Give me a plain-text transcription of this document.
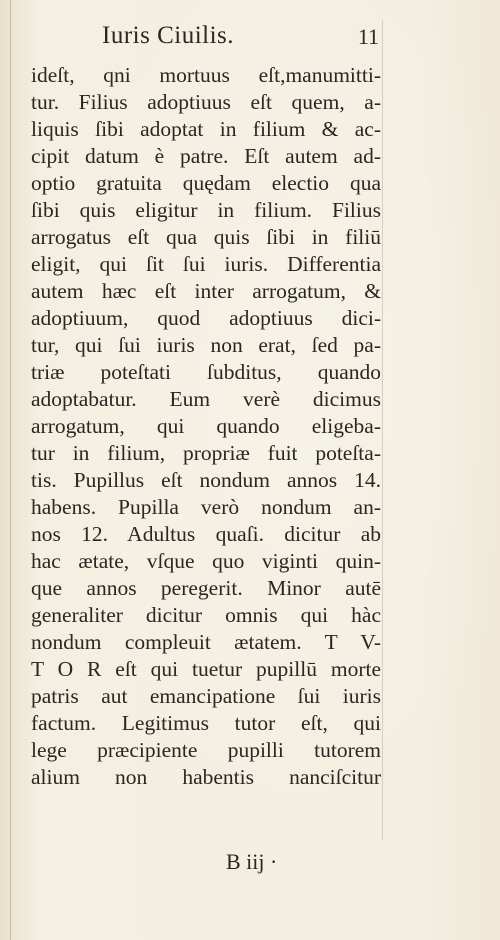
Iuris Ciuilis.	11
ideſt, qni mortuus eſt,manumitti-
tur. Filius adoptiuus eſt quem, a-
liquis ſibi adoptat in filium & ac-
cipit datum è patre. Eſt autem ad-
optio gratuita quędam electio qua
ſibi quis eligitur in filium. Filius
arrogatus eſt qua quis ſibi in filiū
eligit, qui ſit ſui iuris. Differentia
autem hæc eſt inter arrogatum, &
adoptiuum, quod adoptiuus dici-
tur, qui ſui iuris non erat, ſed pa-
triæ poteſtati ſubditus, quando
adoptabatur. Eum verè dicimus
arrogatum, qui quando eligeba-
tur in filium, propriæ fuit poteſta-
tis. Pupillus eſt nondum annos 14.
habens. Pupilla verò nondum an-
nos 12. Adultus quaſi. dicitur ab
hac ætate, vſque quo viginti quin-
que annos peregerit. Minor autē
generaliter dicitur omnis qui hàc
nondum compleuit ætatem. T V-
T O R eſt qui tuetur pupillū morte
patris aut emancipatione ſui iuris
factum. Legitimus tutor eſt, qui
lege præcipiente pupilli tutorem
alium non habentis nanciſcitur
B iij ·
